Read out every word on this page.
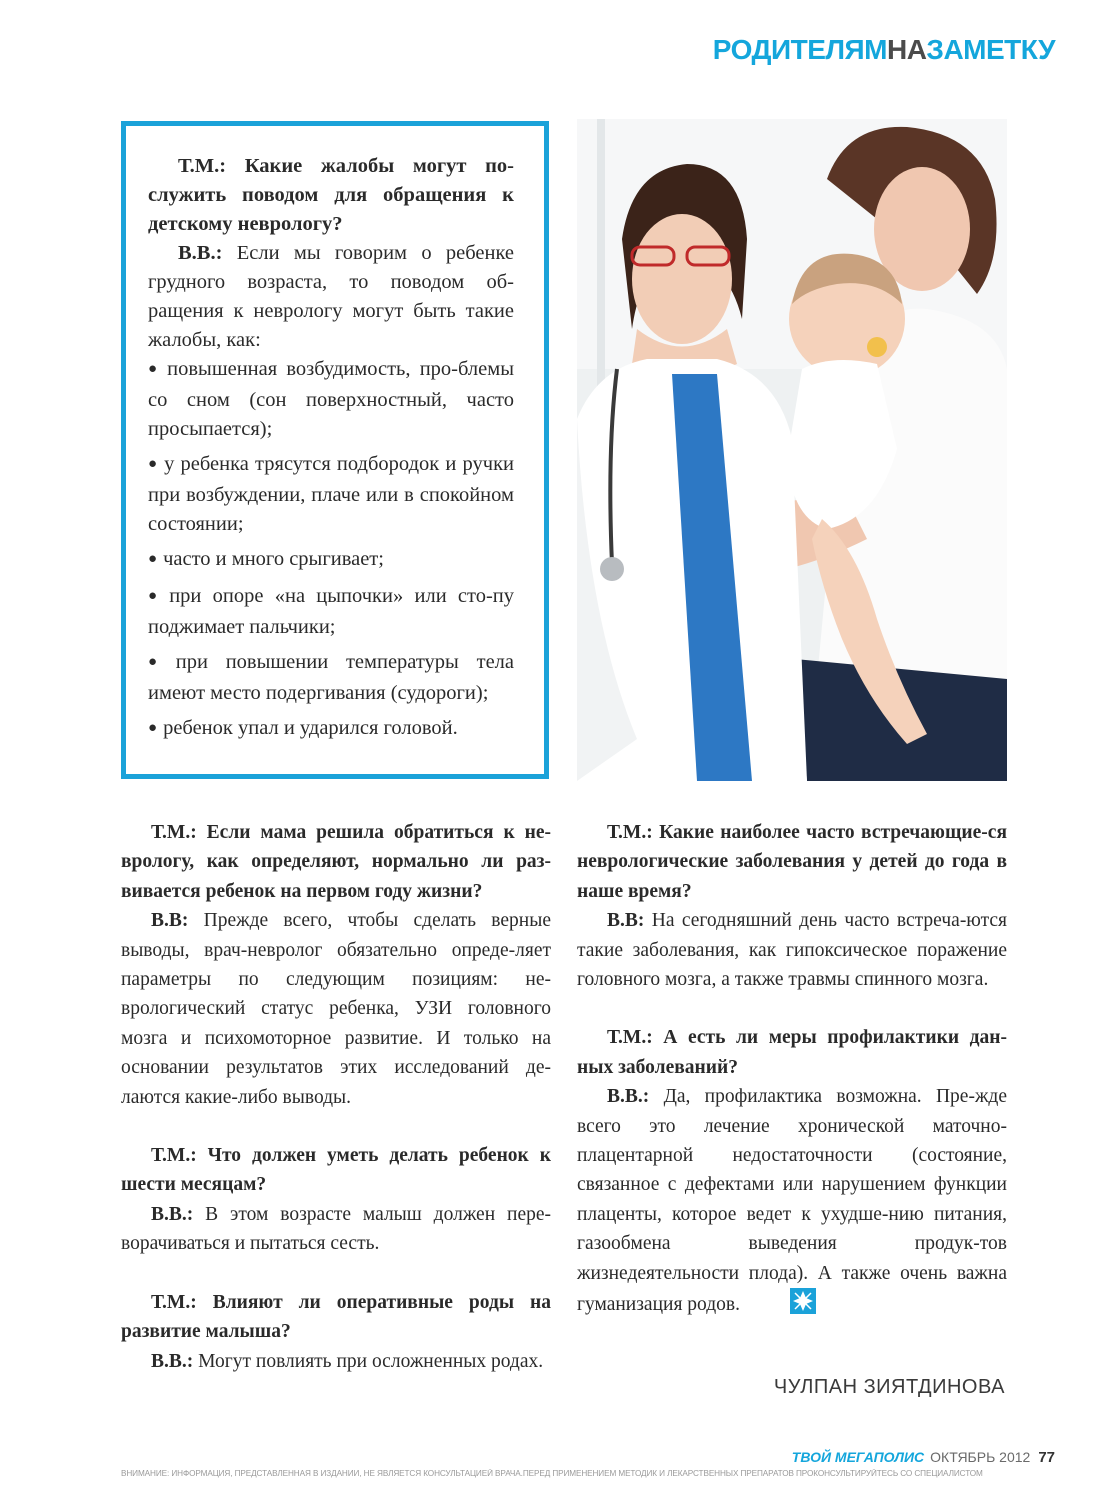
РОДИТЕЛЯМНАЗАМЕТКУ

Т.М.: Какие жалобы могут по-служить поводом для обращения к детскому неврологу?

В.В.: Если мы говорим о ребенке грудного возраста, то поводом об-ращения к неврологу могут быть такие жалобы, как:

● повышенная возбудимость, про-блемы со сном (сон поверхностный, часто просыпается);

● у ребенка трясутся подбородок и ручки при возбуждении, плаче или в спокойном состоянии;

● часто и много срыгивает;

● при опоре «на цыпочки» или сто-пу поджимает пальчики;

● при повышении температуры тела имеют место подергивания (судороги);

● ребенок упал и ударился головой.

Т.М.: Если мама решила обратиться к не-врологу, как определяют, нормально ли раз-вивается ребенок на первом году жизни?

В.В: Прежде всего, чтобы сделать верные выводы, врач-невролог обязательно опреде-ляет параметры по следующим позициям: не-врологический статус ребенка, УЗИ головного мозга и психомоторное развитие. И только на основании результатов этих исследований де-лаются какие-либо выводы.

Т.М.: Что должен уметь делать ребенок к шести месяцам?

В.В.: В этом возрасте малыш должен пере-ворачиваться и пытаться сесть.

Т.М.: Влияют ли оперативные роды на развитие малыша?

В.В.: Могут повлиять при осложненных родах.

Т.М.: Какие наиболее часто встречающие-ся неврологические заболевания у детей до года в наше время?

В.В: На сегодняшний день часто встреча-ются такие заболевания, как гипоксическое поражение головного мозга, а также травмы спинного мозга.

Т.М.: А есть ли меры профилактики дан-ных заболеваний?

В.В.: Да, профилактика возможна. Пре-жде всего это лечение хронической маточно-плацентарной недостаточности (состояние, связанное с дефектами или нарушением функции плаценты, которое ведет к ухудше-нию питания, газообмена выведения продук-тов жизнедеятельности плода). А также очень важна гуманизация родов.

ЧУЛПАН ЗИЯТДИНОВА
ТВОЙ МЕГАПОЛИС ОКТЯБРЬ 2012 77
ВНИМАНИЕ: ИНФОРМАЦИЯ, ПРЕДСТАВЛЕННАЯ В ИЗДАНИИ, НЕ ЯВЛЯЕТСЯ КОНСУЛЬТАЦИЕЙ ВРАЧА.ПЕРЕД ПРИМЕНЕНИЕМ МЕТОДИК И ЛЕКАРСТВЕННЫХ ПРЕПАРАТОВ ПРОКОНСУЛЬТИРУЙТЕСЬ СО СПЕЦИАЛИСТОМ
